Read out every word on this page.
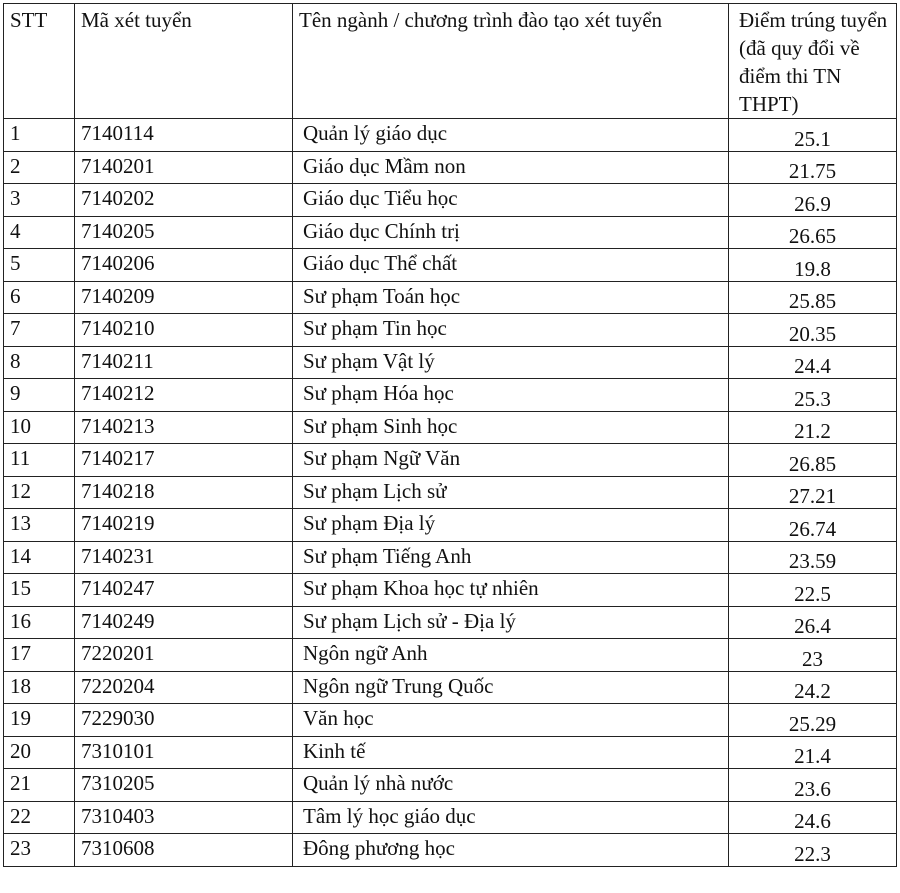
STT	Mã xét tuyển	Tên ngành / chương trình đào tạo xét tuyển	Điểm trúng tuyển (đã quy đổi về điểm thi TN THPT)
1	7140114	Quản lý giáo dục	25.1
2	7140201	Giáo dục Mầm non	21.75
3	7140202	Giáo dục Tiểu học	26.9
4	7140205	Giáo dục Chính trị	26.65
5	7140206	Giáo dục Thể chất	19.8
6	7140209	Sư phạm Toán học	25.85
7	7140210	Sư phạm Tin học	20.35
8	7140211	Sư phạm Vật lý	24.4
9	7140212	Sư phạm Hóa học	25.3
10	7140213	Sư phạm Sinh học	21.2
11	7140217	Sư phạm Ngữ Văn	26.85
12	7140218	Sư phạm Lịch sử	27.21
13	7140219	Sư phạm Địa lý	26.74
14	7140231	Sư phạm Tiếng Anh	23.59
15	7140247	Sư phạm Khoa học tự nhiên	22.5
16	7140249	Sư phạm Lịch sử - Địa lý	26.4
17	7220201	Ngôn ngữ Anh	23
18	7220204	Ngôn ngữ Trung Quốc	24.2
19	7229030	Văn học	25.29
20	7310101	Kinh tế	21.4
21	7310205	Quản lý nhà nước	23.6
22	7310403	Tâm lý học giáo dục	24.6
23	7310608	Đông phương học	22.3
